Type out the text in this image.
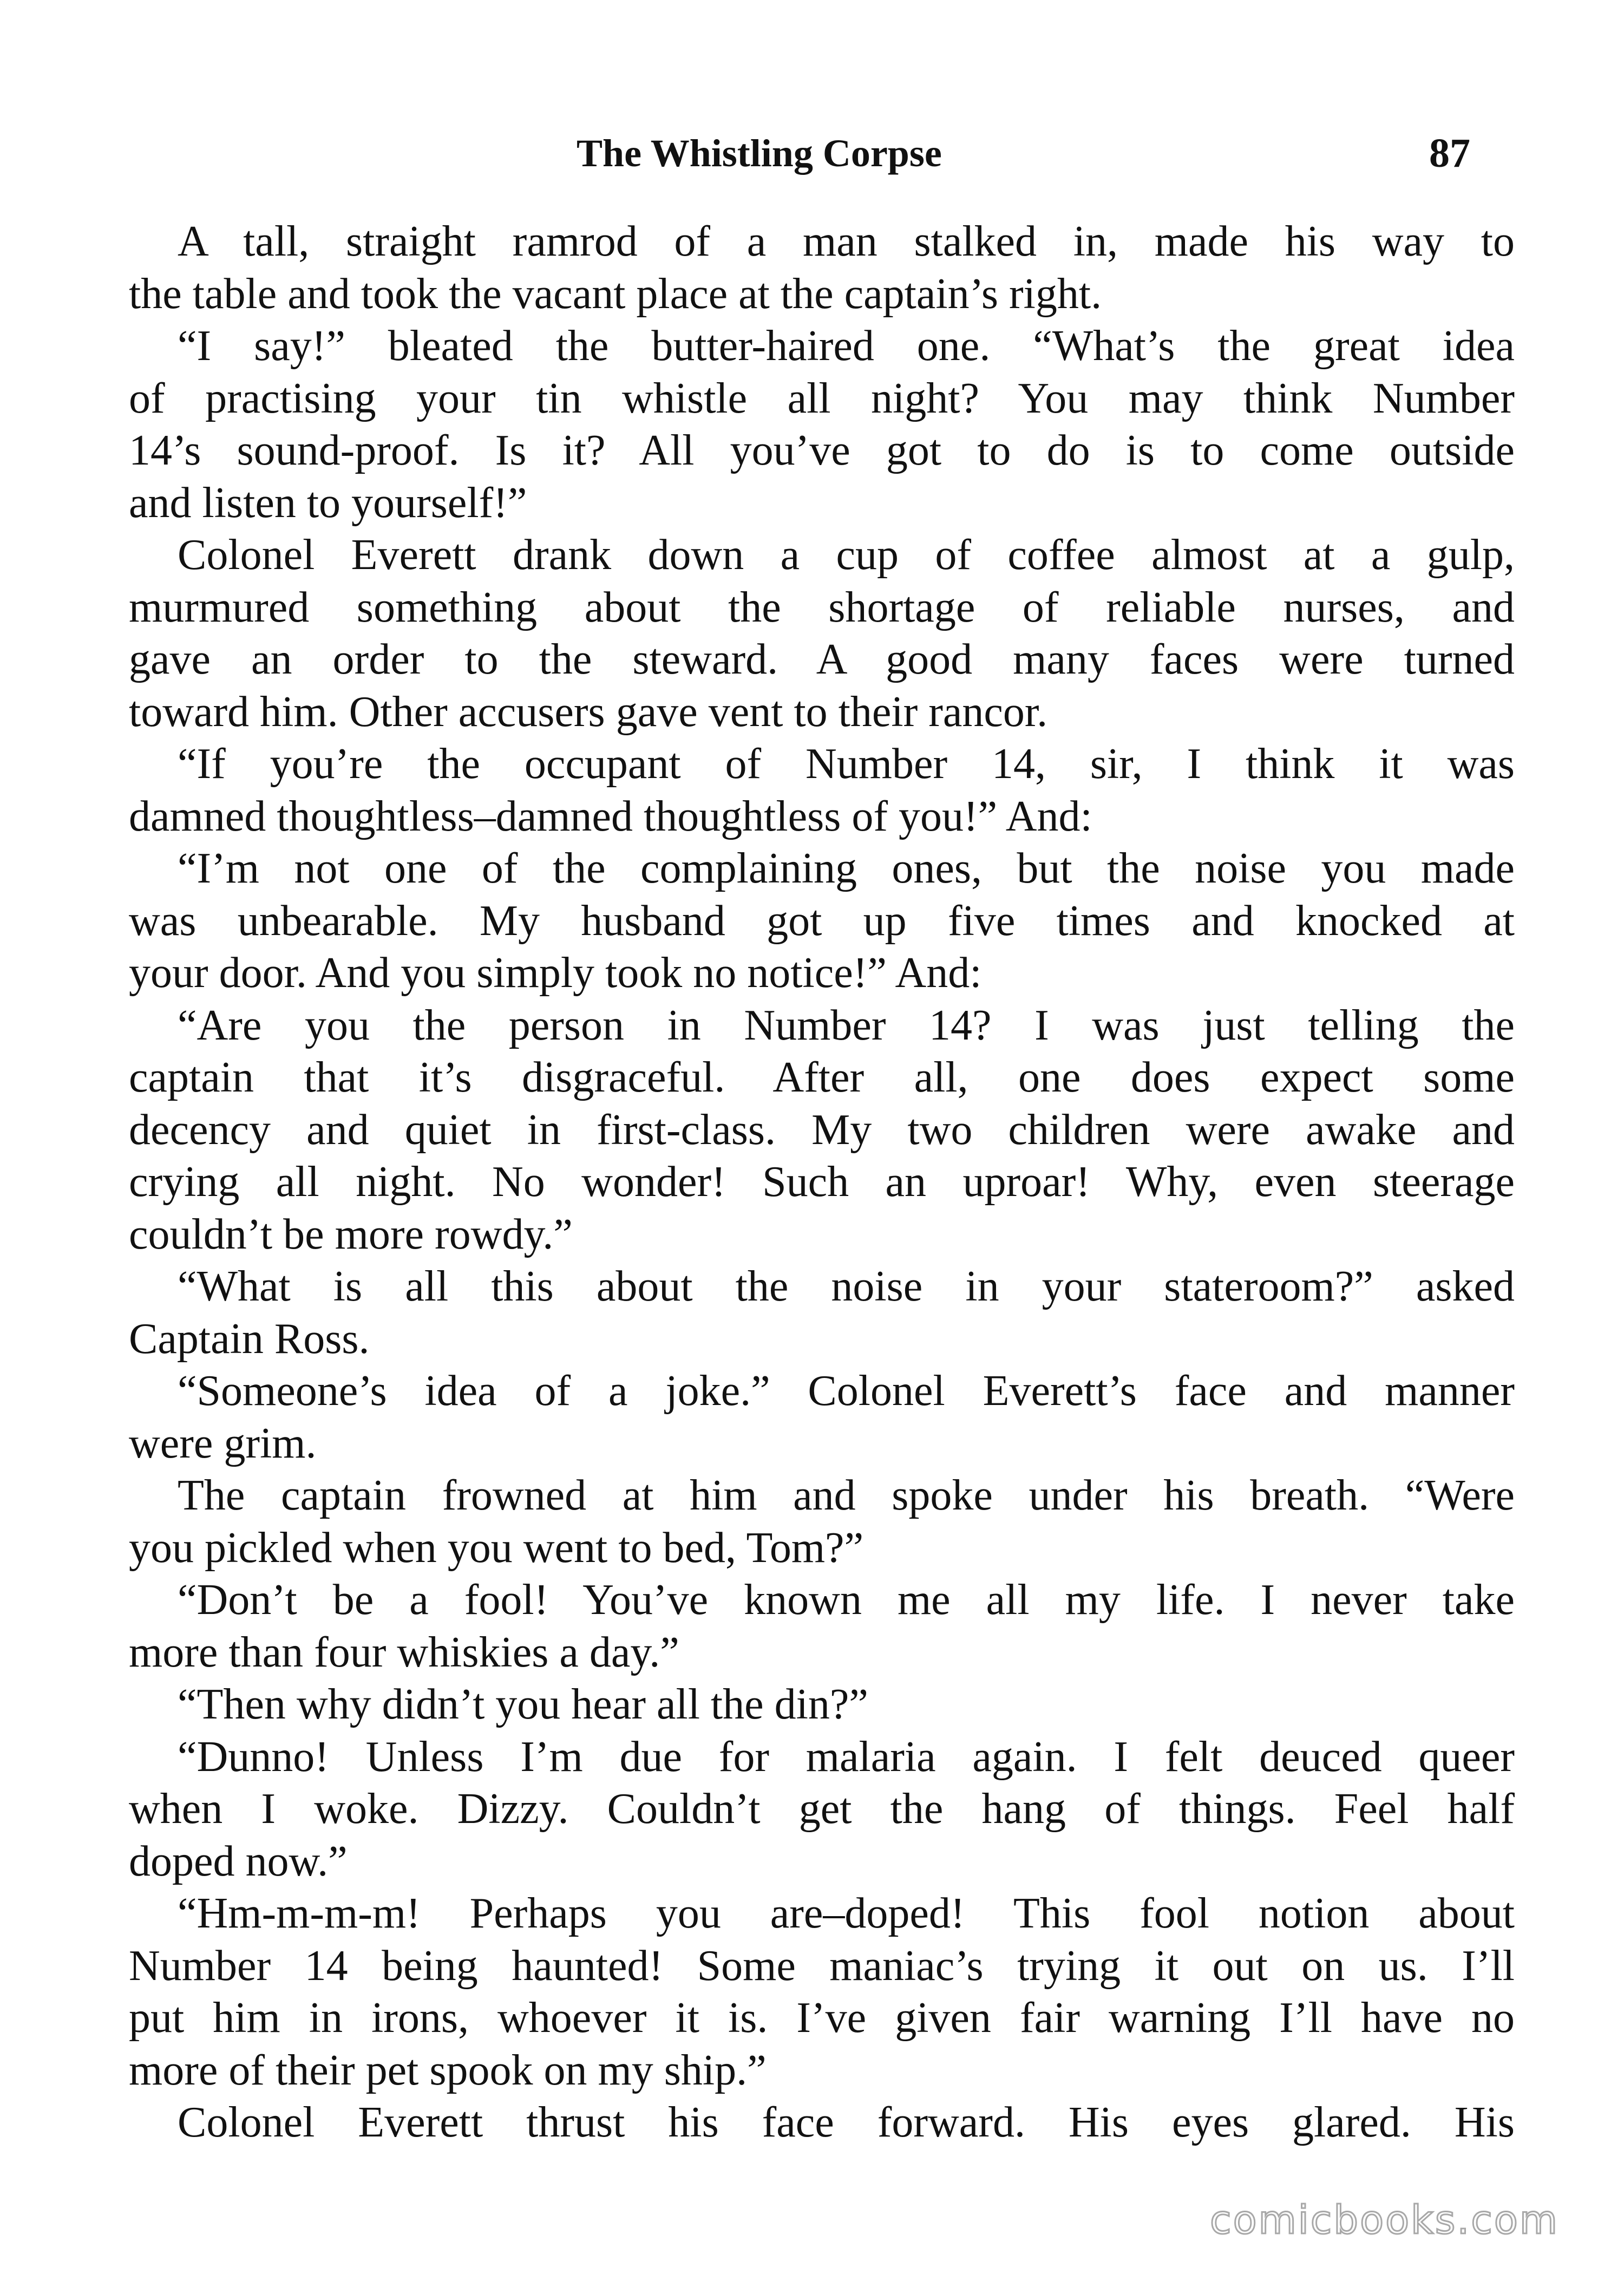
The Whistling Corpse	87
A tall, straight ramrod of a man stalked in, made his way to
the table and took the vacant place at the captain’s right.
“I say!” bleated the butter-haired one. “What’s the great idea
of practising your tin whistle all night? You may think Number
14’s sound-proof. Is it? All you’ve got to do is to come outside
and listen to yourself!”
Colonel Everett drank down a cup of coffee almost at a gulp,
murmured something about the shortage of reliable nurses, and
gave an order to the steward. A good many faces were turned
toward him. Other accusers gave vent to their rancor.
“If you’re the occupant of Number 14, sir, I think it was
damned thoughtless–damned thoughtless of you!” And:
“I’m not one of the complaining ones, but the noise you made
was unbearable. My husband got up five times and knocked at
your door. And you simply took no notice!” And:
“Are you the person in Number 14? I was just telling the
captain that it’s disgraceful. After all, one does expect some
decency and quiet in first-class. My two children were awake and
crying all night. No wonder! Such an uproar! Why, even steerage
couldn’t be more rowdy.”
“What is all this about the noise in your stateroom?” asked
Captain Ross.
“Someone’s idea of a joke.” Colonel Everett’s face and manner
were grim.
The captain frowned at him and spoke under his breath. “Were
you pickled when you went to bed, Tom?”
“Don’t be a fool! You’ve known me all my life. I never take
more than four whiskies a day.”
“Then why didn’t you hear all the din?”
“Dunno! Unless I’m due for malaria again. I felt deuced queer
when I woke. Dizzy. Couldn’t get the hang of things. Feel half
doped now.”
“Hm-m-m-m! Perhaps you are–doped! This fool notion about
Number 14 being haunted! Some maniac’s trying it out on us. I’ll
put him in irons, whoever it is. I’ve given fair warning I’ll have no
more of their pet spook on my ship.”
Colonel Everett thrust his face forward. His eyes glared. His
comicbooks.com
